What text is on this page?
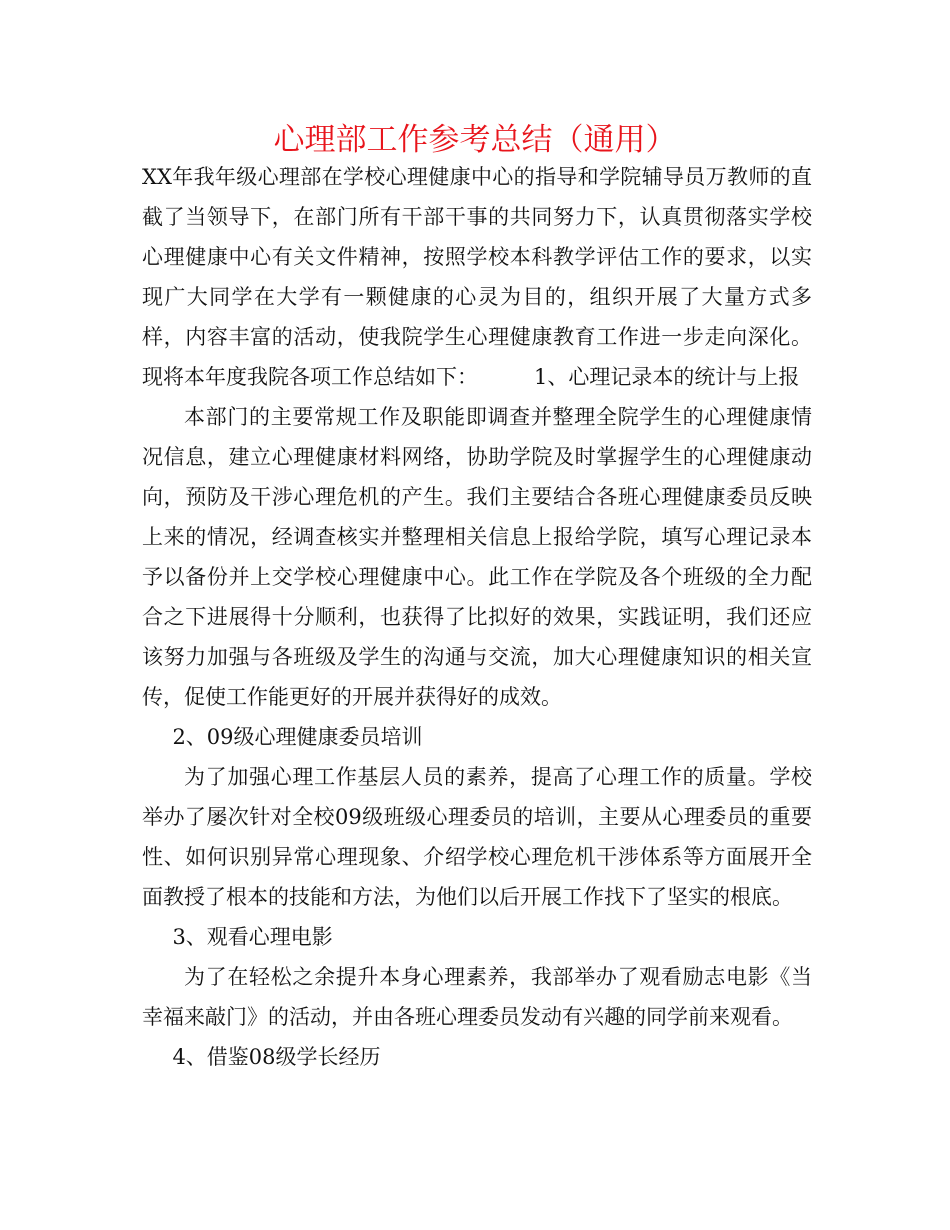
心理部工作参考总结（通用）

XX年我年级心理部在学校心理健康中心的指导和学院辅导员万教师的直截了当领导下，在部门所有干部干事的共同努力下，认真贯彻落实学校心理健康中心有关文件精神，按照学校本科教学评估工作的要求，以实现广大同学在大学有一颗健康的心灵为目的，组织开展了大量方式多样，内容丰富的活动，使我院学生心理健康教育工作进一步走向深化。现将本年度我院各项工作总结如下：	1、心理记录本的统计与上报

本部门的主要常规工作及职能即调查并整理全院学生的心理健康情况信息，建立心理健康材料网络，协助学院及时掌握学生的心理健康动向，预防及干涉心理危机的产生。我们主要结合各班心理健康委员反映上来的情况，经调查核实并整理相关信息上报给学院，填写心理记录本予以备份并上交学校心理健康中心。此工作在学院及各个班级的全力配合之下进展得十分顺利，也获得了比拟好的效果，实践证明，我们还应该努力加强与各班级及学生的沟通与交流，加大心理健康知识的相关宣传，促使工作能更好的开展并获得好的成效。

2、09级心理健康委员培训

为了加强心理工作基层人员的素养，提高了心理工作的质量。学校举办了屡次针对全校09级班级心理委员的培训，主要从心理委员的重要性、如何识别异常心理现象、介绍学校心理危机干涉体系等方面展开全面教授了根本的技能和方法，为他们以后开展工作找下了坚实的根底。

3、观看心理电影

为了在轻松之余提升本身心理素养，我部举办了观看励志电影《当幸福来敲门》的活动，并由各班心理委员发动有兴趣的同学前来观看。

4、借鉴08级学长经历
